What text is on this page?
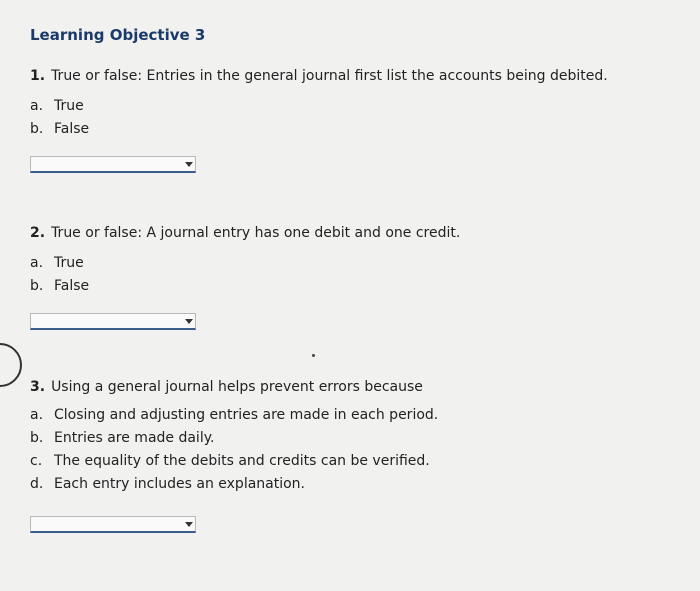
Learning Objective 3
1. True or false: Entries in the general journal first list the accounts being debited.
a. True
b. False
2. True or false: A journal entry has one debit and one credit.
a. True
b. False
3. Using a general journal helps prevent errors because
a. Closing and adjusting entries are made in each period.
b. Entries are made daily.
c. The equality of the debits and credits can be verified.
d. Each entry includes an explanation.
